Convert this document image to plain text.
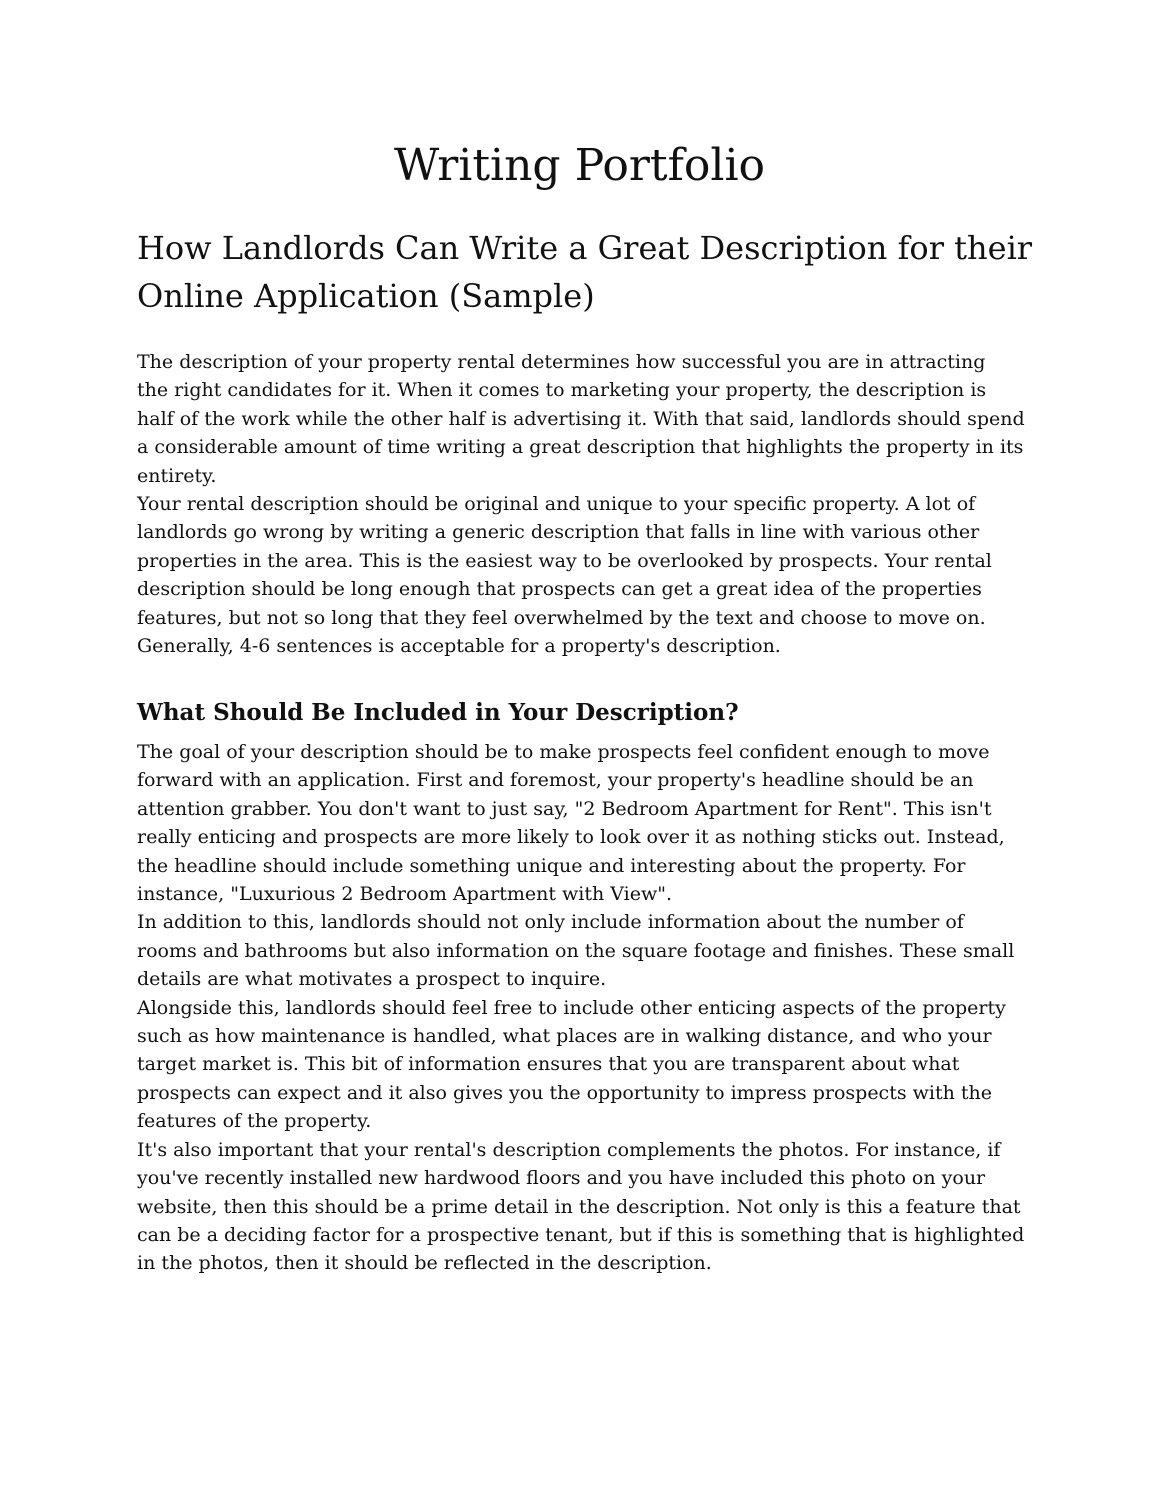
Writing Portfolio
How Landlords Can Write a Great Description for their
Online Application (Sample)
The description of your property rental determines how successful you are in attracting
the right candidates for it. When it comes to marketing your property, the description is
half of the work while the other half is advertising it. With that said, landlords should spend
a considerable amount of time writing a great description that highlights the property in its
entirety.
Your rental description should be original and unique to your specific property. A lot of
landlords go wrong by writing a generic description that falls in line with various other
properties in the area. This is the easiest way to be overlooked by prospects. Your rental
description should be long enough that prospects can get a great idea of the properties
features, but not so long that they feel overwhelmed by the text and choose to move on.
Generally, 4-6 sentences is acceptable for a property's description.
What Should Be Included in Your Description?
The goal of your description should be to make prospects feel confident enough to move
forward with an application. First and foremost, your property's headline should be an
attention grabber. You don't want to just say, "2 Bedroom Apartment for Rent". This isn't
really enticing and prospects are more likely to look over it as nothing sticks out. Instead,
the headline should include something unique and interesting about the property. For
instance, "Luxurious 2 Bedroom Apartment with View".
In addition to this, landlords should not only include information about the number of
rooms and bathrooms but also information on the square footage and finishes. These small
details are what motivates a prospect to inquire.
Alongside this, landlords should feel free to include other enticing aspects of the property
such as how maintenance is handled, what places are in walking distance, and who your
target market is. This bit of information ensures that you are transparent about what
prospects can expect and it also gives you the opportunity to impress prospects with the
features of the property.
It's also important that your rental's description complements the photos. For instance, if
you've recently installed new hardwood floors and you have included this photo on your
website, then this should be a prime detail in the description. Not only is this a feature that
can be a deciding factor for a prospective tenant, but if this is something that is highlighted
in the photos, then it should be reflected in the description.
